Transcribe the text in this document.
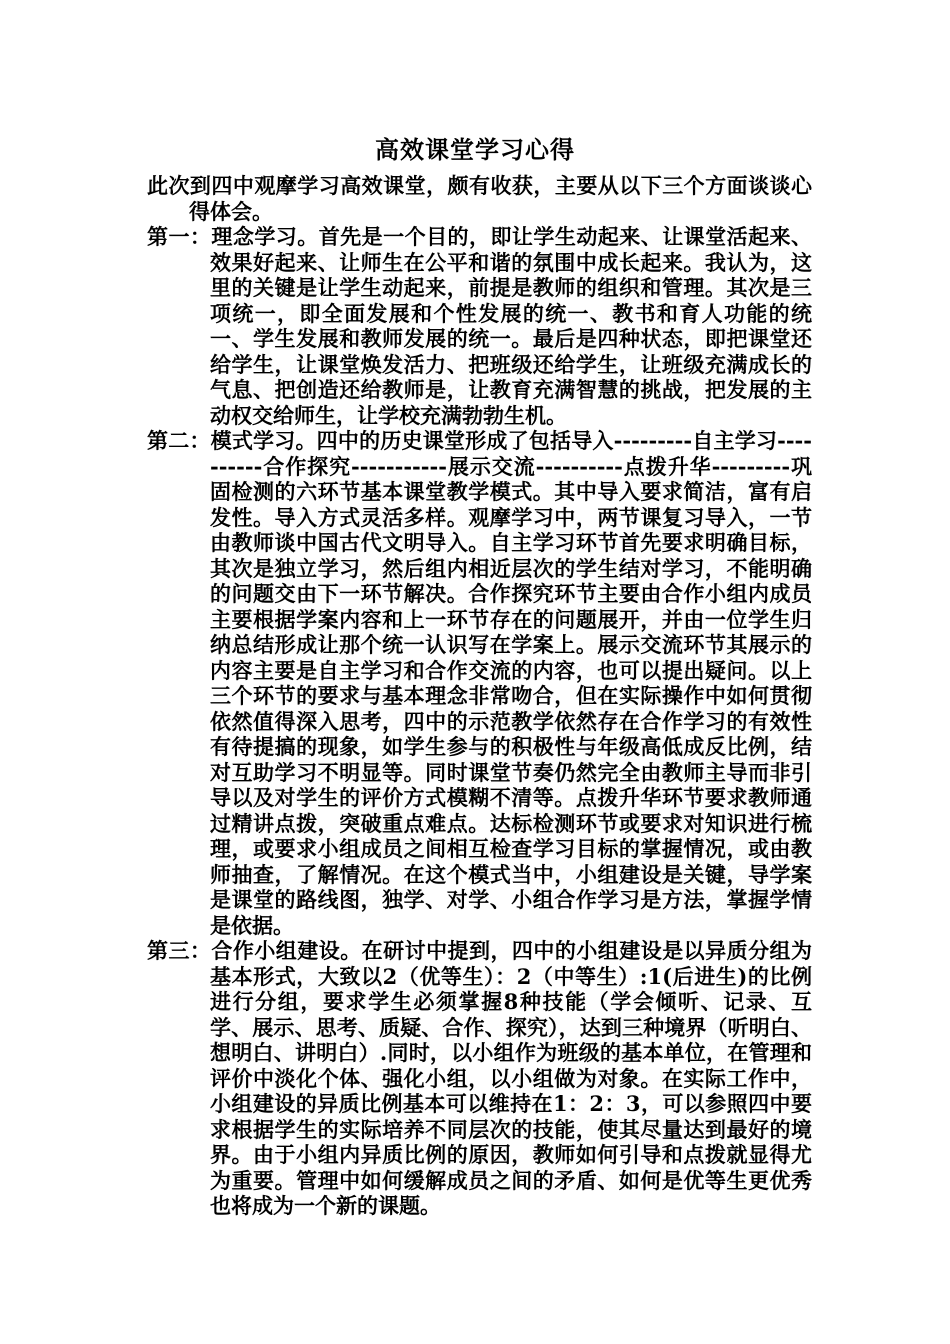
高效课堂学习心得

此次到四中观摩学习高效课堂，颇有收获，主要从以下三个方面谈谈心得体会。

第一：理念学习。首先是一个目的，即让学生动起来、让课堂活起来、效果好起来、让师生在公平和谐的氛围中成长起来。我认为，这里的关键是让学生动起来，前提是教师的组织和管理。其次是三项统一，即全面发展和个性发展的统一、教书和育人功能的统一、学生发展和教师发展的统一。最后是四种状态，即把课堂还给学生，让课堂焕发活力、把班级还给学生，让班级充满成长的气息、把创造还给教师是，让教育充满智慧的挑战，把发展的主动权交给师生，让学校充满勃勃生机。

第二：模式学习。四中的历史课堂形成了包括导入---------自主学习----------合作探究-----------展示交流----------点拨升华---------巩固检测的六环节基本课堂教学模式。其中导入要求简洁，富有启发性。导入方式灵活多样。观摩学习中，两节课复习导入，一节由教师谈中国古代文明导入。自主学习环节首先要求明确目标，其次是独立学习，然后组内相近层次的学生结对学习，不能明确的问题交由下一环节解决。合作探究环节主要由合作小组内成员主要根据学案内容和上一环节存在的问题展开，并由一位学生归纳总结形成让那个统一认识写在学案上。展示交流环节其展示的内容主要是自主学习和合作交流的内容，也可以提出疑问。以上三个环节的要求与基本理念非常吻合，但在实际操作中如何贯彻依然值得深入思考，四中的示范教学依然存在合作学习的有效性有待提搞的现象，如学生参与的积极性与年级高低成反比例，结对互助学习不明显等。同时课堂节奏仍然完全由教师主导而非引导以及对学生的评价方式模糊不清等。点拨升华环节要求教师通过精讲点拨，突破重点难点。达标检测环节或要求对知识进行梳理，或要求小组成员之间相互检查学习目标的掌握情况，或由教师抽查，了解情况。在这个模式当中，小组建设是关键，导学案是课堂的路线图，独学、对学、小组合作学习是方法，掌握学情是依据。

第三：合作小组建设。在研讨中提到，四中的小组建设是以异质分组为基本形式，大致以2（优等生）：2（中等生）:1(后进生)的比例进行分组，要求学生必须掌握8种技能（学会倾听、记录、互学、展示、思考、质疑、合作、探究），达到三种境界（听明白、想明白、讲明白）.同时，以小组作为班级的基本单位，在管理和评价中淡化个体、强化小组，以小组做为对象。在实际工作中，小组建设的异质比例基本可以维持在1：2：3，可以参照四中要求根据学生的实际培养不同层次的技能，使其尽量达到最好的境界。由于小组内异质比例的原因，教师如何引导和点拨就显得尤为重要。管理中如何缓解成员之间的矛盾、如何是优等生更优秀也将成为一个新的课题。
